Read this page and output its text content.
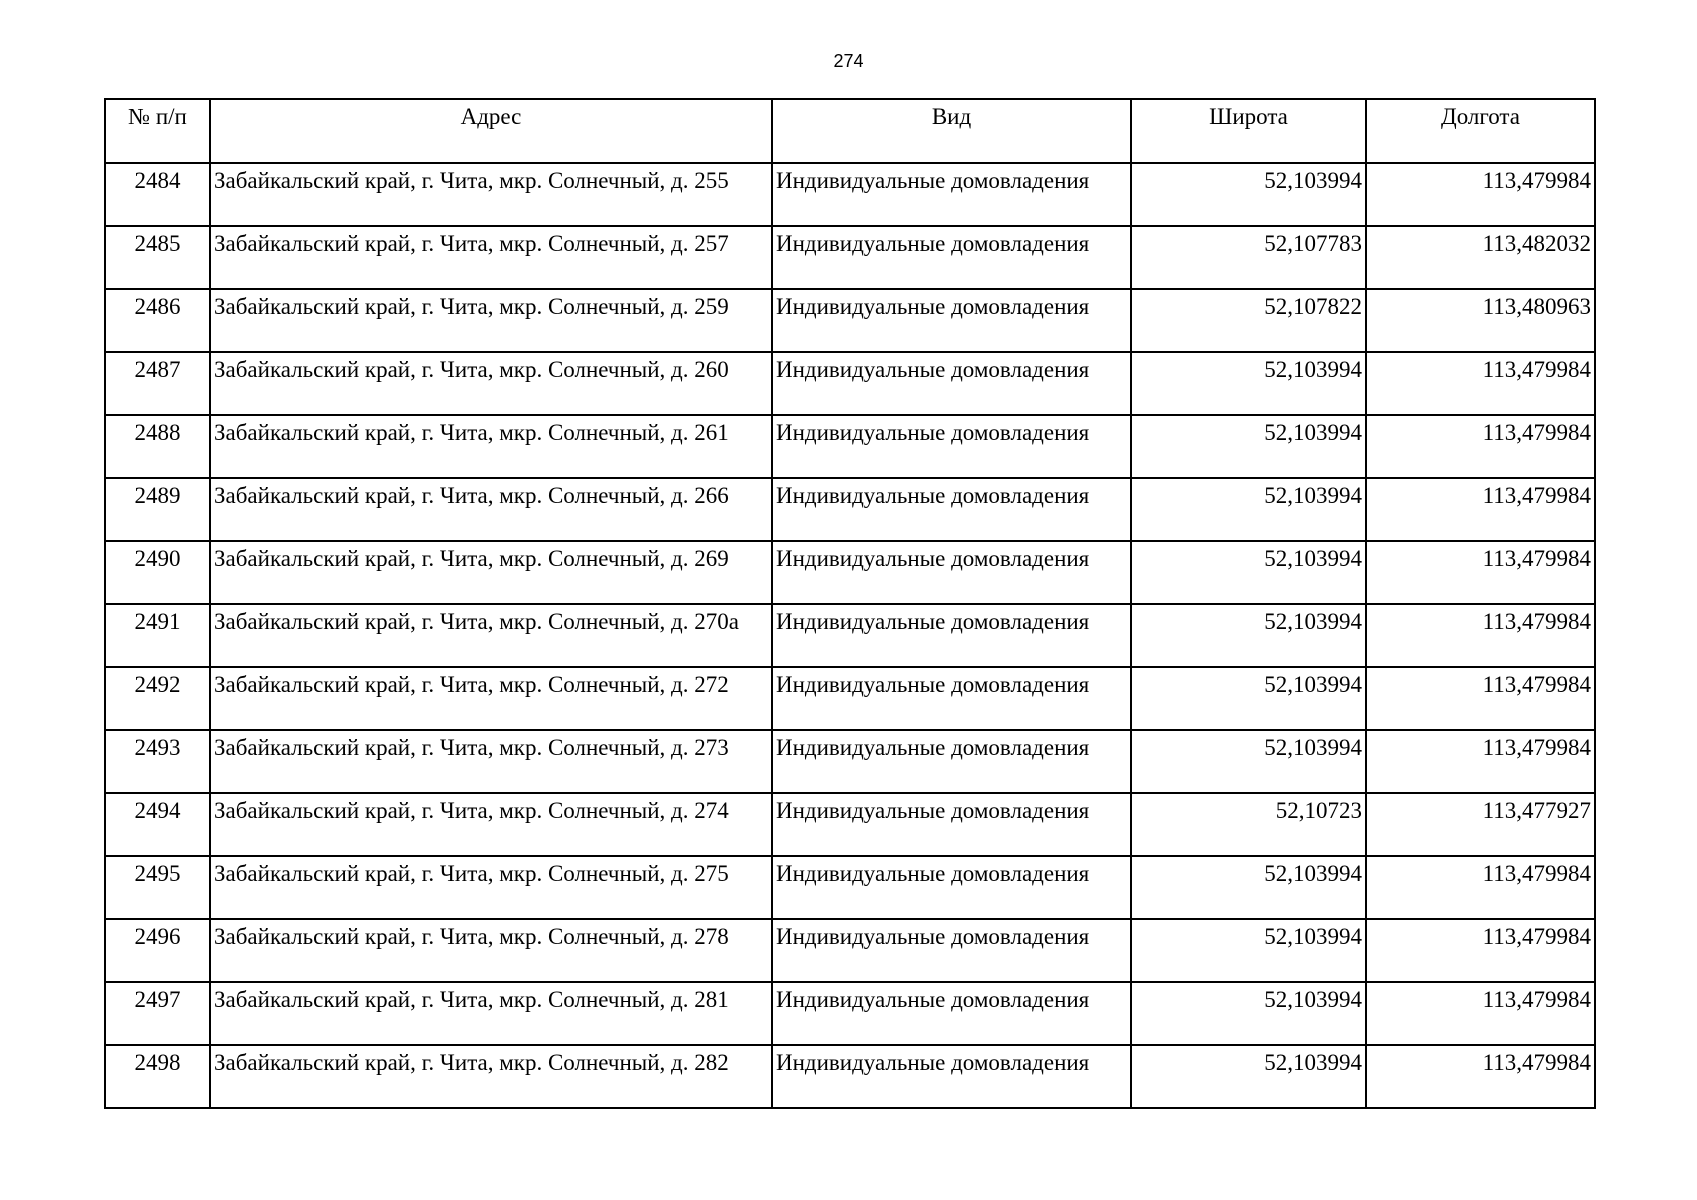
274
№ п/п	Адрес	Вид	Широта	Долгота
2484	Забайкальский край, г. Чита, мкр. Солнечный, д. 255	Индивидуальные домовладения	52,103994	113,479984
2485	Забайкальский край, г. Чита, мкр. Солнечный, д. 257	Индивидуальные домовладения	52,107783	113,482032
2486	Забайкальский край, г. Чита, мкр. Солнечный, д. 259	Индивидуальные домовладения	52,107822	113,480963
2487	Забайкальский край, г. Чита, мкр. Солнечный, д. 260	Индивидуальные домовладения	52,103994	113,479984
2488	Забайкальский край, г. Чита, мкр. Солнечный, д. 261	Индивидуальные домовладения	52,103994	113,479984
2489	Забайкальский край, г. Чита, мкр. Солнечный, д. 266	Индивидуальные домовладения	52,103994	113,479984
2490	Забайкальский край, г. Чита, мкр. Солнечный, д. 269	Индивидуальные домовладения	52,103994	113,479984
2491	Забайкальский край, г. Чита, мкр. Солнечный, д. 270а	Индивидуальные домовладения	52,103994	113,479984
2492	Забайкальский край, г. Чита, мкр. Солнечный, д. 272	Индивидуальные домовладения	52,103994	113,479984
2493	Забайкальский край, г. Чита, мкр. Солнечный, д. 273	Индивидуальные домовладения	52,103994	113,479984
2494	Забайкальский край, г. Чита, мкр. Солнечный, д. 274	Индивидуальные домовладения	52,10723	113,477927
2495	Забайкальский край, г. Чита, мкр. Солнечный, д. 275	Индивидуальные домовладения	52,103994	113,479984
2496	Забайкальский край, г. Чита, мкр. Солнечный, д. 278	Индивидуальные домовладения	52,103994	113,479984
2497	Забайкальский край, г. Чита, мкр. Солнечный, д. 281	Индивидуальные домовладения	52,103994	113,479984
2498	Забайкальский край, г. Чита, мкр. Солнечный, д. 282	Индивидуальные домовладения	52,103994	113,479984
